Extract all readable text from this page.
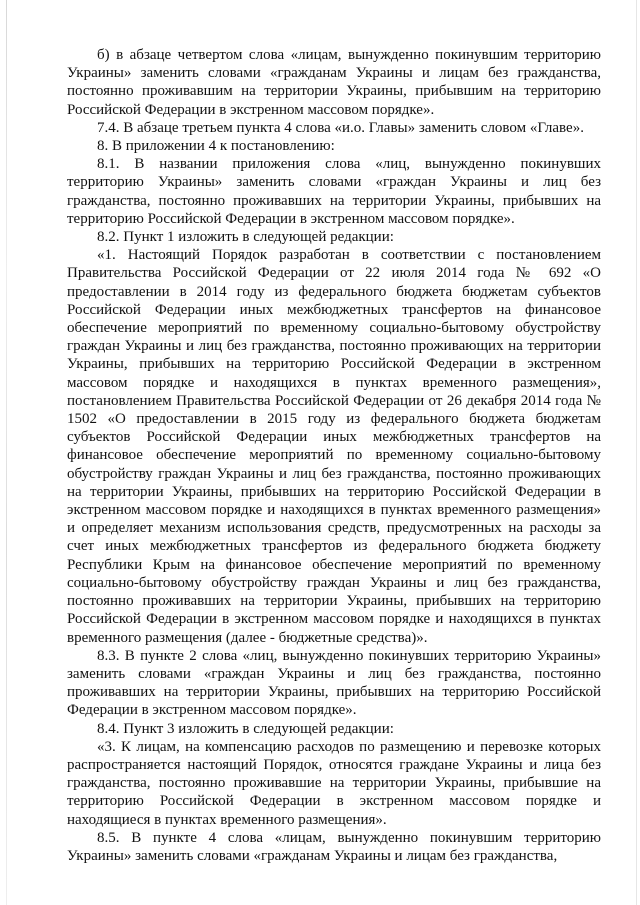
б) в абзаце четвертом слова «лицам, вынужденно покинувшим территорию Украины» заменить словами «гражданам Украины и лицам без гражданства, постоянно проживавшим на территории Украины, прибывшим на территорию Российской Федерации в экстренном массовом порядке».

7.4. В абзаце третьем пункта 4 слова «и.о. Главы» заменить словом «Главе».

8. В приложении 4 к постановлению:

8.1. В названии приложения слова «лиц, вынужденно покинувших территорию Украины» заменить словами «граждан Украины и лиц без гражданства, постоянно проживавших на территории Украины, прибывших на территорию Российской Федерации в экстренном массовом порядке».

8.2. Пункт 1 изложить в следующей редакции:

«1. Настоящий Порядок разработан в соответствии с постановлением Правительства Российской Федерации от 22 июля 2014 года № 692 «О предоставлении в 2014 году из федерального бюджета бюджетам субъектов Российской Федерации иных межбюджетных трансфертов на финансовое обеспечение мероприятий по временному социально-бытовому обустройству граждан Украины и лиц без гражданства, постоянно проживающих на территории Украины, прибывших на территорию Российской Федерации в экстренном массовом порядке и находящихся в пунктах временного размещения», постановлением Правительства Российской Федерации от 26 декабря 2014 года № 1502 «О предоставлении в 2015 году из федерального бюджета бюджетам субъектов Российской Федерации иных межбюджетных трансфертов на финансовое обеспечение мероприятий по временному социально-бытовому обустройству граждан Украины и лиц без гражданства, постоянно проживающих на территории Украины, прибывших на территорию Российской Федерации в экстренном массовом порядке и находящихся в пунктах временного размещения» и определяет механизм использования средств, предусмотренных на расходы за счет иных межбюджетных трансфертов из федерального бюджета бюджету Республики Крым на финансовое обеспечение мероприятий по временному социально-бытовому обустройству граждан Украины и лиц без гражданства, постоянно проживавших на территории Украины, прибывших на территорию Российской Федерации в экстренном массовом порядке и находящихся в пунктах временного размещения (далее - бюджетные средства)».

8.3. В пункте 2 слова «лиц, вынужденно покинувших территорию Украины» заменить словами «граждан Украины и лиц без гражданства, постоянно проживавших на территории Украины, прибывших на территорию Российской Федерации в экстренном массовом порядке».

8.4. Пункт 3 изложить в следующей редакции:

«3. К лицам, на компенсацию расходов по размещению и перевозке которых распространяется настоящий Порядок, относятся граждане Украины и лица без гражданства, постоянно проживавшие на территории Украины, прибывшие на территорию Российской Федерации в экстренном массовом порядке и находящиеся в пунктах временного размещения».

8.5. В пункте 4 слова «лицам, вынужденно покинувшим территорию Украины» заменить словами «гражданам Украины и лицам без гражданства,
